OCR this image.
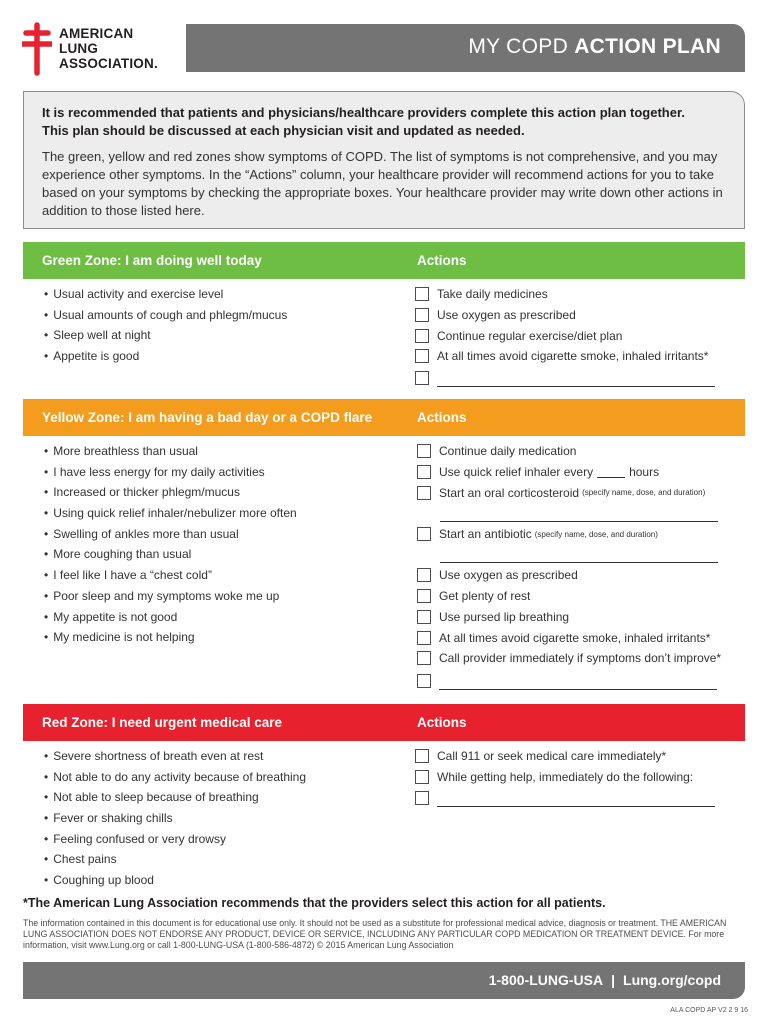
AMERICAN
LUNG
ASSOCIATION.
MY COPD ACTION PLAN
It is recommended that patients and physicians/healthcare providers complete this action plan together.
This plan should be discussed at each physician visit and updated as needed.
The green, yellow and red zones show symptoms of COPD. The list of symptoms is not comprehensive, and you may experience other symptoms. In the “Actions” column, your healthcare provider will recommend actions for you to take based on your symptoms by checking the appropriate boxes. Your healthcare provider may write down other actions in addition to those listed here.
Green Zone: I am doing well today	Actions
• Usual activity and exercise level
• Usual amounts of cough and phlegm/mucus
• Sleep well at night
• Appetite is good
Take daily medicines
Use oxygen as prescribed
Continue regular exercise/diet plan
At all times avoid cigarette smoke, inhaled irritants*
Yellow Zone: I am having a bad day or a COPD flare	Actions
• More breathless than usual
• I have less energy for my daily activities
• Increased or thicker phlegm/mucus
• Using quick relief inhaler/nebulizer more often
• Swelling of ankles more than usual
• More coughing than usual
• I feel like I have a “chest cold”
• Poor sleep and my symptoms woke me up
• My appetite is not good
• My medicine is not helping
Continue daily medication
Use quick relief inhaler every	hours
Start an oral corticosteroid (specify name, dose, and duration)
Start an antibiotic (specify name, dose, and duration)
Use oxygen as prescribed
Get plenty of rest
Use pursed lip breathing
At all times avoid cigarette smoke, inhaled irritants*
Call provider immediately if symptoms don’t improve*
Red Zone: I need urgent medical care	Actions
• Severe shortness of breath even at rest
• Not able to do any activity because of breathing
• Not able to sleep because of breathing
• Fever or shaking chills
• Feeling confused or very drowsy
• Chest pains
• Coughing up blood
Call 911 or seek medical care immediately*
While getting help, immediately do the following:
*The American Lung Association recommends that the providers select this action for all patients.
The information contained in this document is for educational use only. It should not be used as a substitute for professional medical advice, diagnosis or treatment. THE AMERICAN LUNG ASSOCIATION DOES NOT ENDORSE ANY PRODUCT, DEVICE OR SERVICE, INCLUDING ANY PARTICULAR COPD MEDICATION OR TREATMENT DEVICE. For more information, visit www.Lung.org or call 1-800-LUNG-USA (1-800-586-4872) © 2015 American Lung Association
1-800-LUNG-USA | Lung.org/copd
ALA COPD AP V2 2 9 16
